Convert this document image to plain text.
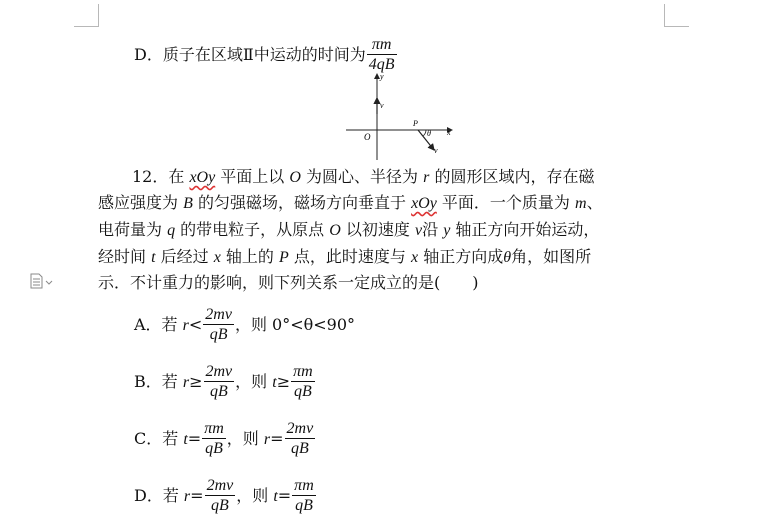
D．质子在区域Ⅱ中运动的时间为 $\frac{\pi m}{4qB}$
y
x
O
P
θ
v
v
12．在 xOy 平面上以 O 为圆心、半径为 r 的圆形区域内，存在磁
感应强度为 B 的匀强磁场，磁场方向垂直于 xOy 平面．一个质量为 m、
电荷量为 q 的带电粒子，从原点 O 以初速度 v沿 y 轴正方向开始运动，
经时间 t 后经过 x 轴上的 P 点，此时速度与 x 轴正方向成θ角，如图所
示．不计重力的影响，则下列关系一定成立的是(　　)
A．若 $r< \frac{2mv}{qB}$ ，则 0°<θ<90°
B．若 $r\ge \frac{2mv}{qB}$ ，则 $t\ge \frac{\pi m}{qB}$
C．若 $t= \frac{\pi m}{qB}$ ，则 $r= \frac{2mv}{qB}$
D．若 $r= \frac{2mv}{qB}$ ，则 $t= \frac{\pi m}{qB}$
